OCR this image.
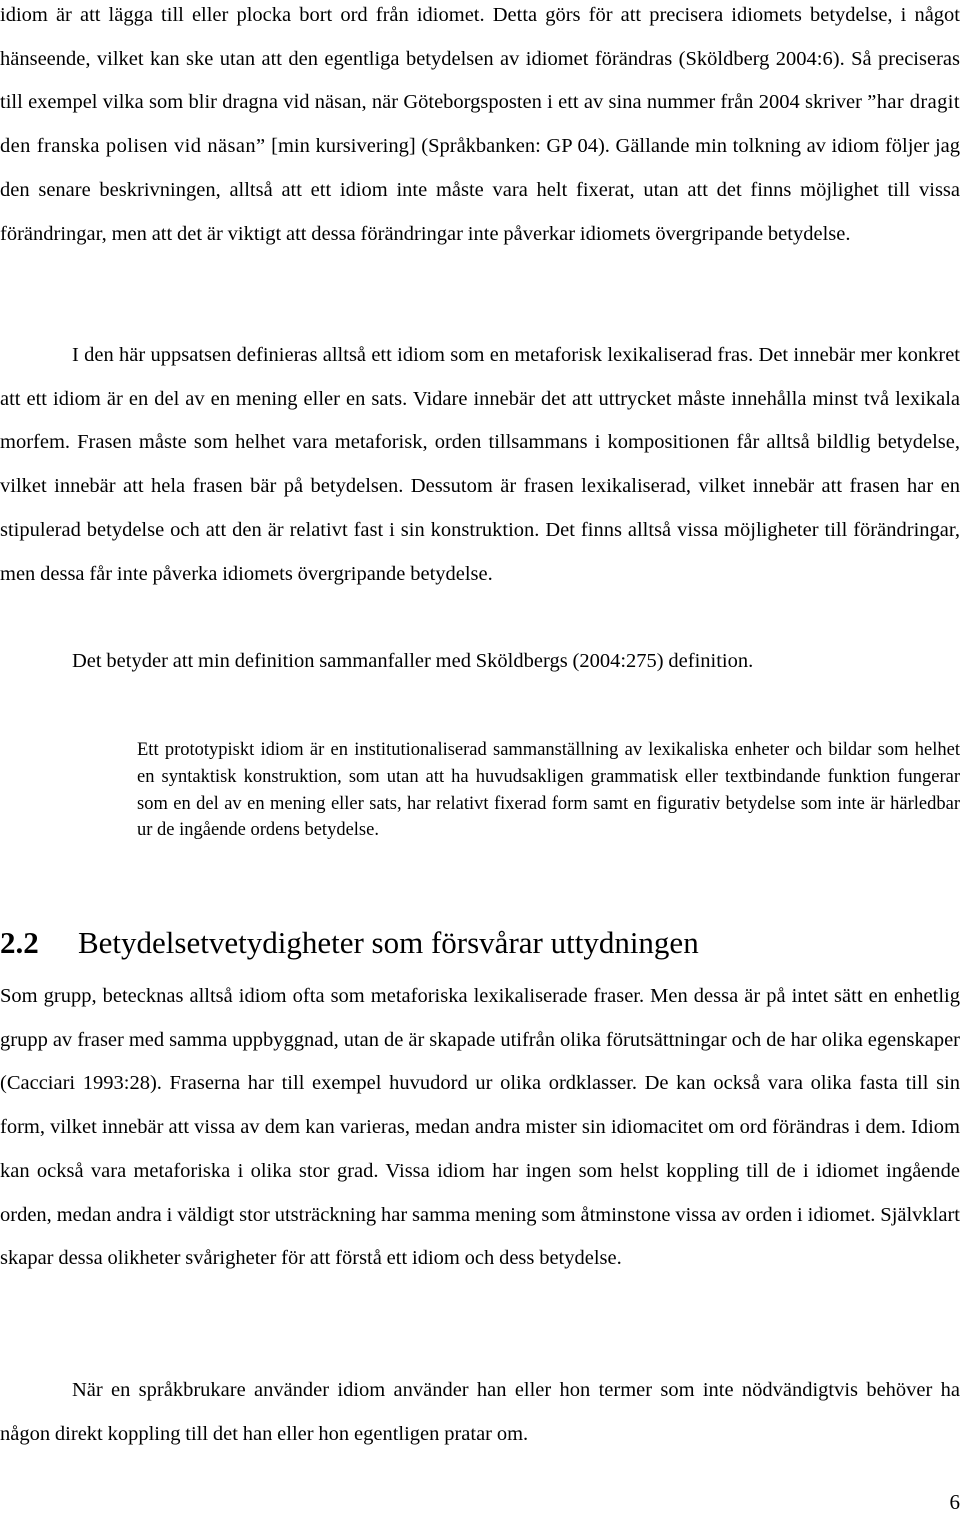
idiom är att lägga till eller plocka bort ord från idiomet. Detta görs för att precisera idiomets betydelse, i något hänseende, vilket kan ske utan att den egentliga betydelsen av idiomet förändras (Sköldberg 2004:6). Så preciseras till exempel vilka som blir dragna vid näsan, när Göteborgsposten i ett av sina nummer från 2004 skriver ”har dragit den franska polisen vid näsan” [min kursivering] (Språkbanken: GP 04). Gällande min tolkning av idiom följer jag den senare beskrivningen, alltså att ett idiom inte måste vara helt fixerat, utan att det finns möjlighet till vissa förändringar, men att det är viktigt att dessa förändringar inte påverkar idiomets övergripande betydelse.

I den här uppsatsen definieras alltså ett idiom som en metaforisk lexikaliserad fras. Det innebär mer konkret att ett idiom är en del av en mening eller en sats. Vidare innebär det att uttrycket måste innehålla minst två lexikala morfem. Frasen måste som helhet vara metaforisk, orden tillsammans i kompositionen får alltså bildlig betydelse, vilket innebär att hela frasen bär på betydelsen. Dessutom är frasen lexikaliserad, vilket innebär att frasen har en stipulerad betydelse och att den är relativt fast i sin konstruktion. Det finns alltså vissa möjligheter till förändringar, men dessa får inte påverka idiomets övergripande betydelse.

Det betyder att min definition sammanfaller med Sköldbergs (2004:275) definition.

Ett prototypiskt idiom är en institutionaliserad sammanställning av lexikaliska enheter och bildar som helhet en syntaktisk konstruktion, som utan att ha huvudsakligen grammatisk eller textbindande funktion fungerar som en del av en mening eller sats, har relativt fixerad form samt en figurativ betydelse som inte är härledbar ur de ingående ordens betydelse.
2.2 Betydelsetvetydigheter som försvårar uttydningen

Som grupp, betecknas alltså idiom ofta som metaforiska lexikaliserade fraser. Men dessa är på intet sätt en enhetlig grupp av fraser med samma uppbyggnad, utan de är skapade utifrån olika förutsättningar och de har olika egenskaper (Cacciari 1993:28). Fraserna har till exempel huvudord ur olika ordklasser. De kan också vara olika fasta till sin form, vilket innebär att vissa av dem kan varieras, medan andra mister sin idiomacitet om ord förändras i dem. Idiom kan också vara metaforiska i olika stor grad. Vissa idiom har ingen som helst koppling till de i idiomet ingående orden, medan andra i väldigt stor utsträckning har samma mening som åtminstone vissa av orden i idiomet. Självklart skapar dessa olikheter svårigheter för att förstå ett idiom och dess betydelse.

När en språkbrukare använder idiom använder han eller hon termer som inte nödvändigtvis behöver ha någon direkt koppling till det han eller hon egentligen pratar om.

6
